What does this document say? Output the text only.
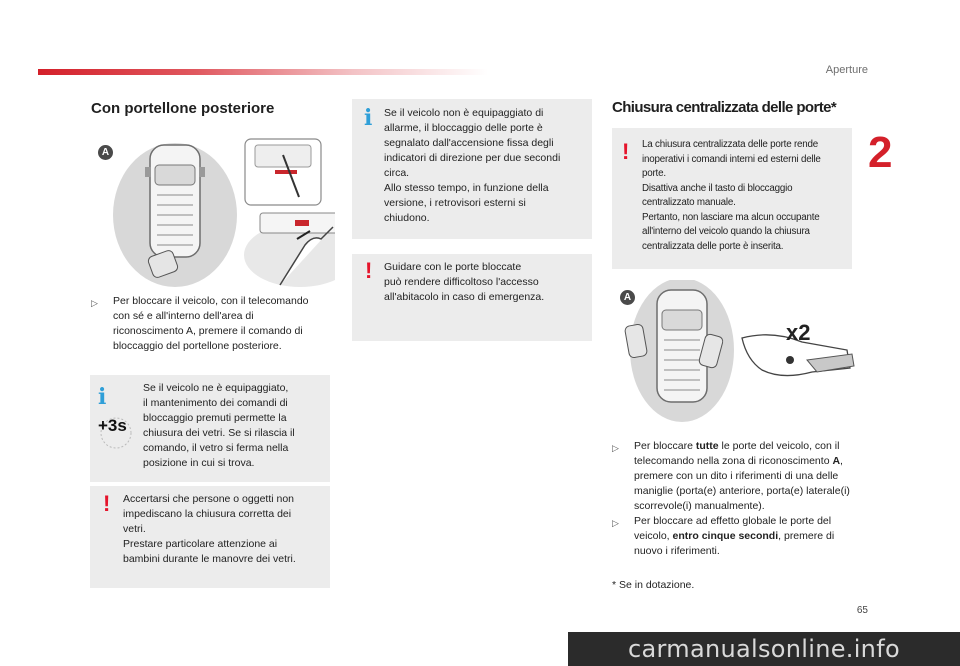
Aperture
2
65
Con portellone posteriore
A
▷	Per bloccare il veicolo, con il telecomando con sé e all'interno dell'area di riconoscimento A, premere il comando di bloccaggio del portellone posteriore.
i
+3s
Se il veicolo ne è equipaggiato,
il mantenimento dei comandi di
bloccaggio premuti permette la
chiusura dei vetri. Se si rilascia il
comando, il vetro si ferma nella
posizione in cui si trova.
! Accertarsi che persone o oggetti non
impediscano la chiusura corretta dei
vetri.
Prestare particolare attenzione ai
bambini durante le manovre dei vetri.
i Se il veicolo non è equipaggiato di
allarme, il bloccaggio delle porte è
segnalato dall'accensione fissa degli
indicatori di direzione per due secondi
circa.
Allo stesso tempo, in funzione della
versione, i retrovisori esterni si
chiudono.
! Guidare con le porte bloccate
può rendere difficoltoso l'accesso
all'abitacolo in caso di emergenza.
Chiusura centralizzata delle porte*
! La chiusura centralizzata delle porte rende
inoperativi i comandi interni ed esterni delle
porte.
Disattiva anche il tasto di bloccaggio
centralizzato manuale.
Pertanto, non lasciare ma alcun occupante
all'interno del veicolo quando la chiusura
centralizzata delle porte è inserita.
A
x2
▷	Per bloccare tutte le porte del veicolo, con il telecomando nella zona di riconoscimento A, premere con un dito i riferimenti di una delle maniglie (porta(e) anteriore, porta(e) laterale(i) scorrevole(i) manualmente).
▷	Per bloccare ad effetto globale le porte del veicolo, entro cinque secondi, premere di nuovo i riferimenti.
* Se in dotazione.
carmanualsonline.info
